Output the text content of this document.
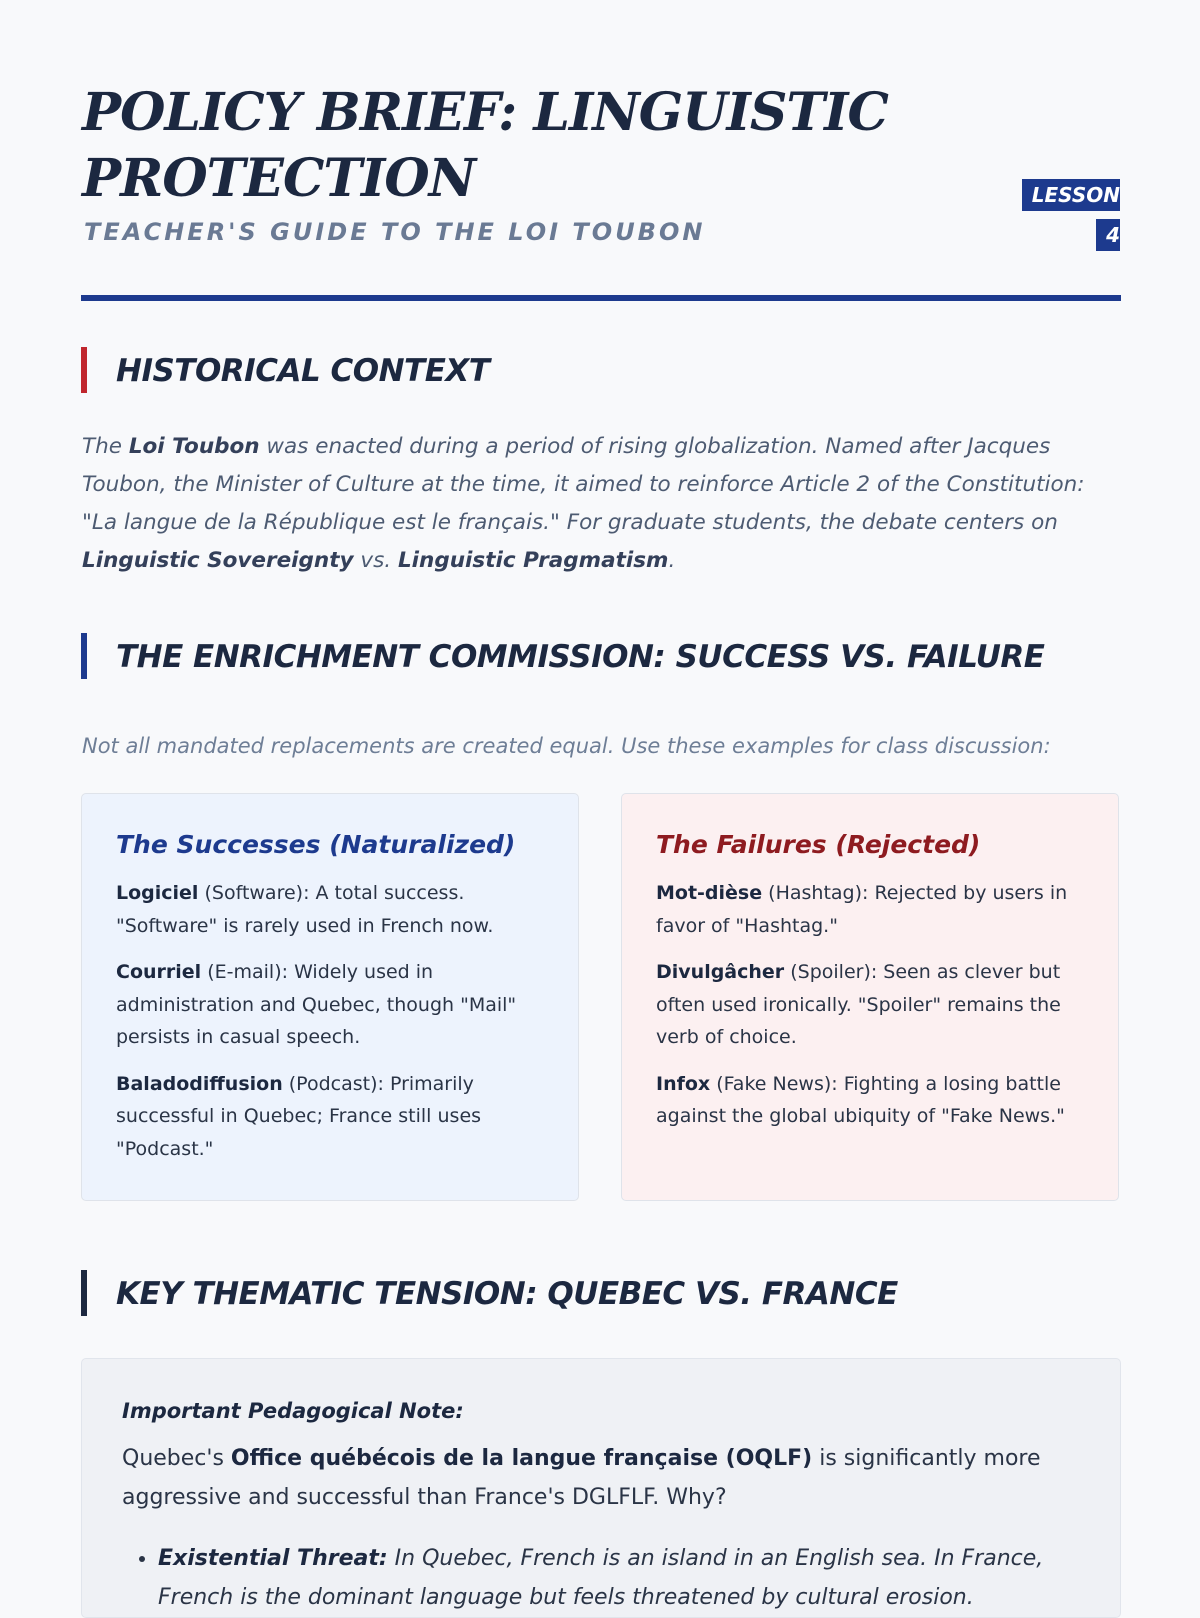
POLICY BRIEF: LINGUISTIC PROTECTION
TEACHER'S GUIDE TO THE LOI TOUBON
LESSON 4
HISTORICAL CONTEXT
The Loi Toubon was enacted during a period of rising globalization. Named after Jacques Toubon, the Minister of Culture at the time, it aimed to reinforce Article 2 of the Constitution: "La langue de la République est le français." For graduate students, the debate centers on Linguistic Sovereignty vs. Linguistic Pragmatism.
THE ENRICHMENT COMMISSION: SUCCESS VS. FAILURE
Not all mandated replacements are created equal. Use these examples for class discussion:
The Successes (Naturalized)
Logiciel (Software): A total success. "Software" is rarely used in French now.
Courriel (E-mail): Widely used in administration and Quebec, though "Mail" persists in casual speech.
Baladodiffusion (Podcast): Primarily successful in Quebec; France still uses "Podcast."
The Failures (Rejected)
Mot-dièse (Hashtag): Rejected by users in favor of "Hashtag."
Divulgâcher (Spoiler): Seen as clever but often used ironically. "Spoiler" remains the verb of choice.
Infox (Fake News): Fighting a losing battle against the global ubiquity of "Fake News."
KEY THEMATIC TENSION: QUEBEC VS. FRANCE
Important Pedagogical Note:
Quebec's Office québécois de la langue française (OQLF) is significantly more aggressive and successful than France's DGLFLF. Why?
• Existential Threat: In Quebec, French is an island in an English sea. In France, French is the dominant language but feels threatened by cultural erosion.
